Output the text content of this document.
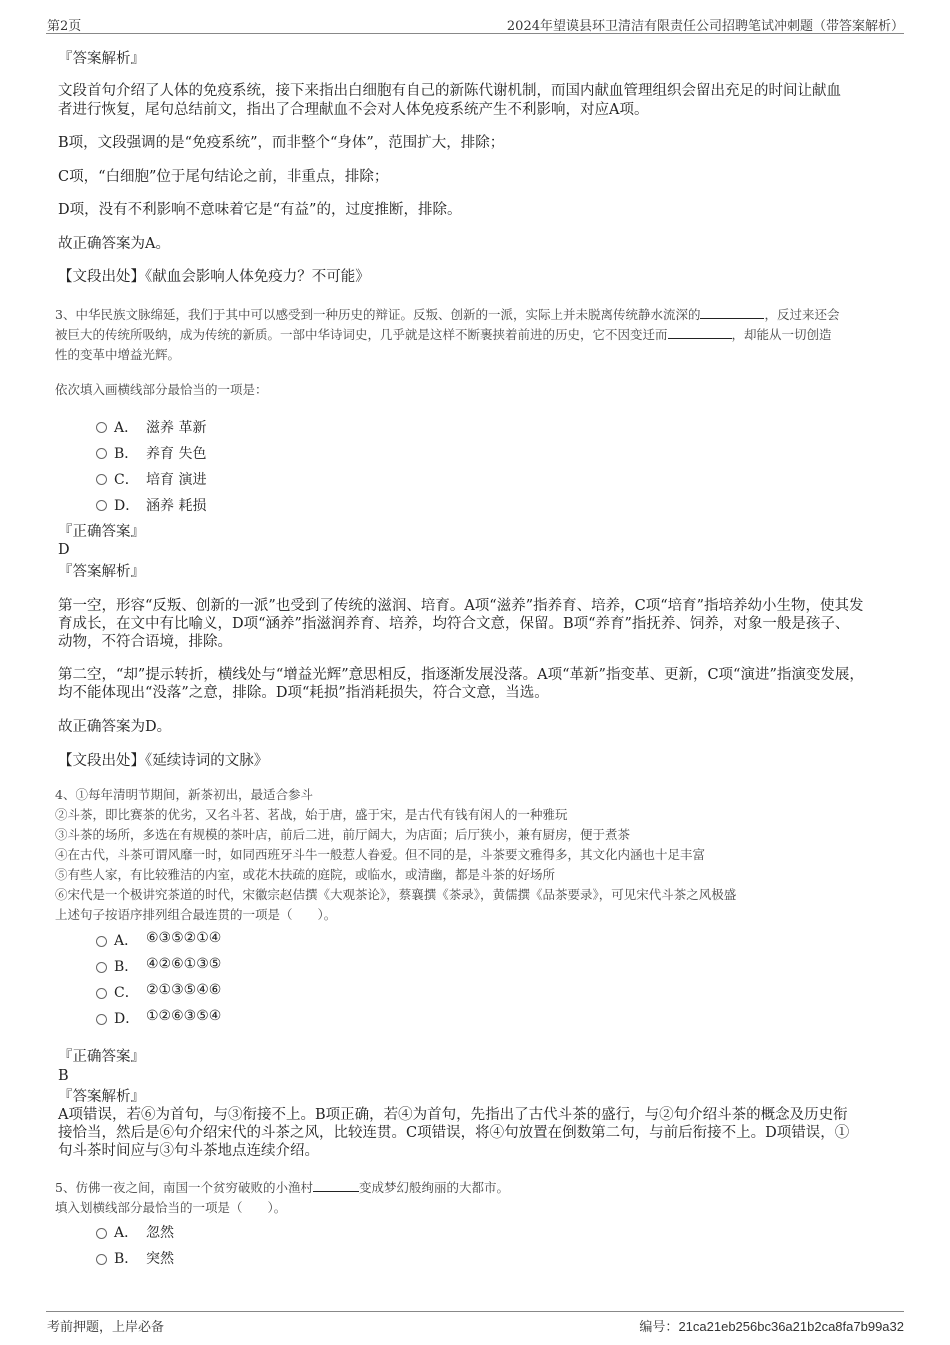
第2页	2024年望谟县环卫清洁有限责任公司招聘笔试冲刺题（带答案解析）
『答案解析』
文段首句介绍了人体的免疫系统，接下来指出白细胞有自己的新陈代谢机制，而国内献血管理组织会留出充足的时间让献血
者进行恢复，尾句总结前文，指出了合理献血不会对人体免疫系统产生不利影响，对应A项。
B项，文段强调的是“免疫系统”，而非整个“身体”，范围扩大，排除；
C项，“白细胞”位于尾句结论之前，非重点，排除；
D项，没有不利影响不意味着它是“有益”的，过度推断，排除。
故正确答案为A。
【文段出处】《献血会影响人体免疫力？不可能》
3、中华民族文脉绵延，我们于其中可以感受到一种历史的辩证。反叛、创新的一派，实际上并未脱离传统静水流深的	，反过来还会
被巨大的传统所吸纳，成为传统的新质。一部中华诗词史，几乎就是这样不断裹挟着前进的历史，它不因变迁而	，却能从一切创造
性的变革中增益光辉。
依次填入画横线部分最恰当的一项是：
A． 滋养 革新
B． 养育 失色
C． 培育 演进
D． 涵养 耗损
『正确答案』
D
『答案解析』
第一空，形容“反叛、创新的一派”也受到了传统的滋润、培育。A项“滋养”指养育、培养，C项“培育”指培养幼小生物，使其发
育成长，在文中有比喻义，D项“涵养”指滋润养育、培养，均符合文意，保留。B项“养育”指抚养、饲养，对象一般是孩子、
动物，不符合语境，排除。
第二空，“却”提示转折，横线处与“增益光辉”意思相反，指逐渐发展没落。A项“革新”指变革、更新，C项“演进”指演变发展，
均不能体现出“没落”之意，排除。D项“耗损”指消耗损失，符合文意，当选。
故正确答案为D。
【文段出处】《延续诗词的文脉》
4、①每年清明节期间，新茶初出，最适合参斗
②斗茶，即比赛茶的优劣，又名斗茗、茗战，始于唐，盛于宋，是古代有钱有闲人的一种雅玩
③斗茶的场所，多选在有规模的茶叶店，前后二进，前厅阔大，为店面；后厅狭小，兼有厨房，便于煮茶
④在古代，斗茶可谓风靡一时，如同西班牙斗牛一般惹人眷爱。但不同的是，斗茶要文雅得多，其文化内涵也十足丰富
⑤有些人家，有比较雅洁的内室，或花木扶疏的庭院，或临水，或清幽，都是斗茶的好场所
⑥宋代是一个极讲究茶道的时代，宋徽宗赵佶撰《大观茶论》，蔡襄撰《茶录》，黄儒撰《品茶要录》，可见宋代斗茶之风极盛
上述句子按语序排列组合最连贯的一项是（　　）。
A． ⑥③⑤②①④
B． ④②⑥①③⑤
C． ②①③⑤④⑥
D． ①②⑥③⑤④
『正确答案』
B
『答案解析』
A项错误，若⑥为首句，与③衔接不上。B项正确，若④为首句，先指出了古代斗茶的盛行，与②句介绍斗茶的概念及历史衔
接恰当，然后是⑥句介绍宋代的斗茶之风，比较连贯。C项错误，将④句放置在倒数第二句，与前后衔接不上。D项错误，①
句斗茶时间应与③句斗茶地点连续介绍。
5、仿佛一夜之间，南国一个贫穷破败的小渔村	变成梦幻般绚丽的大都市。
填入划横线部分最恰当的一项是（　　）。
A． 忽然
B． 突然
考前押题，上岸必备	编号：21ca21eb256bc36a21b2ca8fa7b99a32
